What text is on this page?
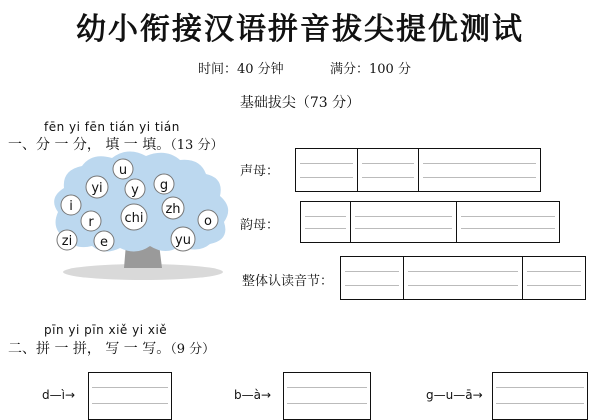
幼小衔接汉语拼音拔尖提优测试
时间：40 分钟	满分：100 分
基础拔尖（73 分）
fēn yi fēn tián yi tián
一、分 一 分， 填 一 填。（13 分）
u
yi y g
i
r chi
zh
o
zi e	yu
声母：
韵母：
整体认读音节：
pīn yi pīn xiě yi xiě
二、拼 一 拼， 写 一 写。（9 分）
d—ì→	b—à→	g—u—ā→
